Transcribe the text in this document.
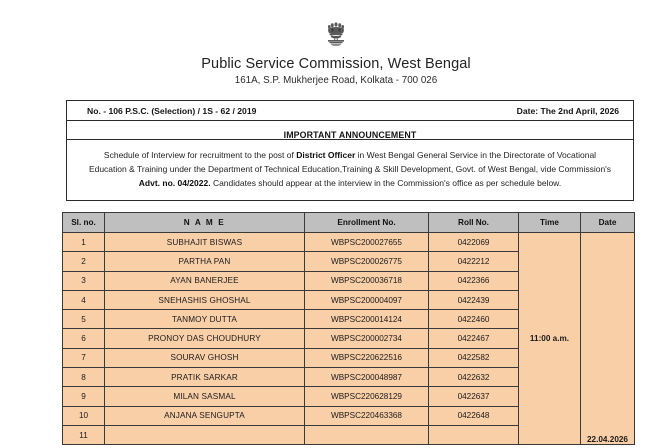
Public Service Commission, West Bengal
161A, S.P. Mukherjee Road, Kolkata - 700 026
No. - 106 P.S.C. (Selection) / 1S - 62 / 2019	Date: The 2nd April, 2026
IMPORTANT ANNOUNCEMENT

Schedule of Interview for recruitment to the post of District Officer in West Bengal General Service in the Directorate of Vocational Education & Training under the Department of Technical Education,Training & Skill Development, Govt. of West Bengal, vide Commission's Advt. no. 04/2022. Candidates should appear at the interview in the Commission's office as per schedule below.

Sl. no.	N A M E	Enrollment No.	Roll No.	Time	Date
1	SUBHAJIT BISWAS	WBPSC200027655	0422069	11:00 a.m.	22.04.2026
2	PARTHA PAN	WBPSC200026775	0422212		
3	AYAN BANERJEE	WBPSC200036718	0422366		
4	SNEHASHIS GHOSHAL	WBPSC200004097	0422439		
5	TANMOY DUTTA	WBPSC200014124	0422460		
6	PRONOY DAS CHOUDHURY	WBPSC200002734	0422467		
7	SOURAV GHOSH	WBPSC220622516	0422582		
8	PRATIK SARKAR	WBPSC200048987	0422632		
9	MILAN SASMAL	WBPSC220628129	0422637		
10	ANJANA SENGUPTA	WBPSC220463368	0422648		
11					
